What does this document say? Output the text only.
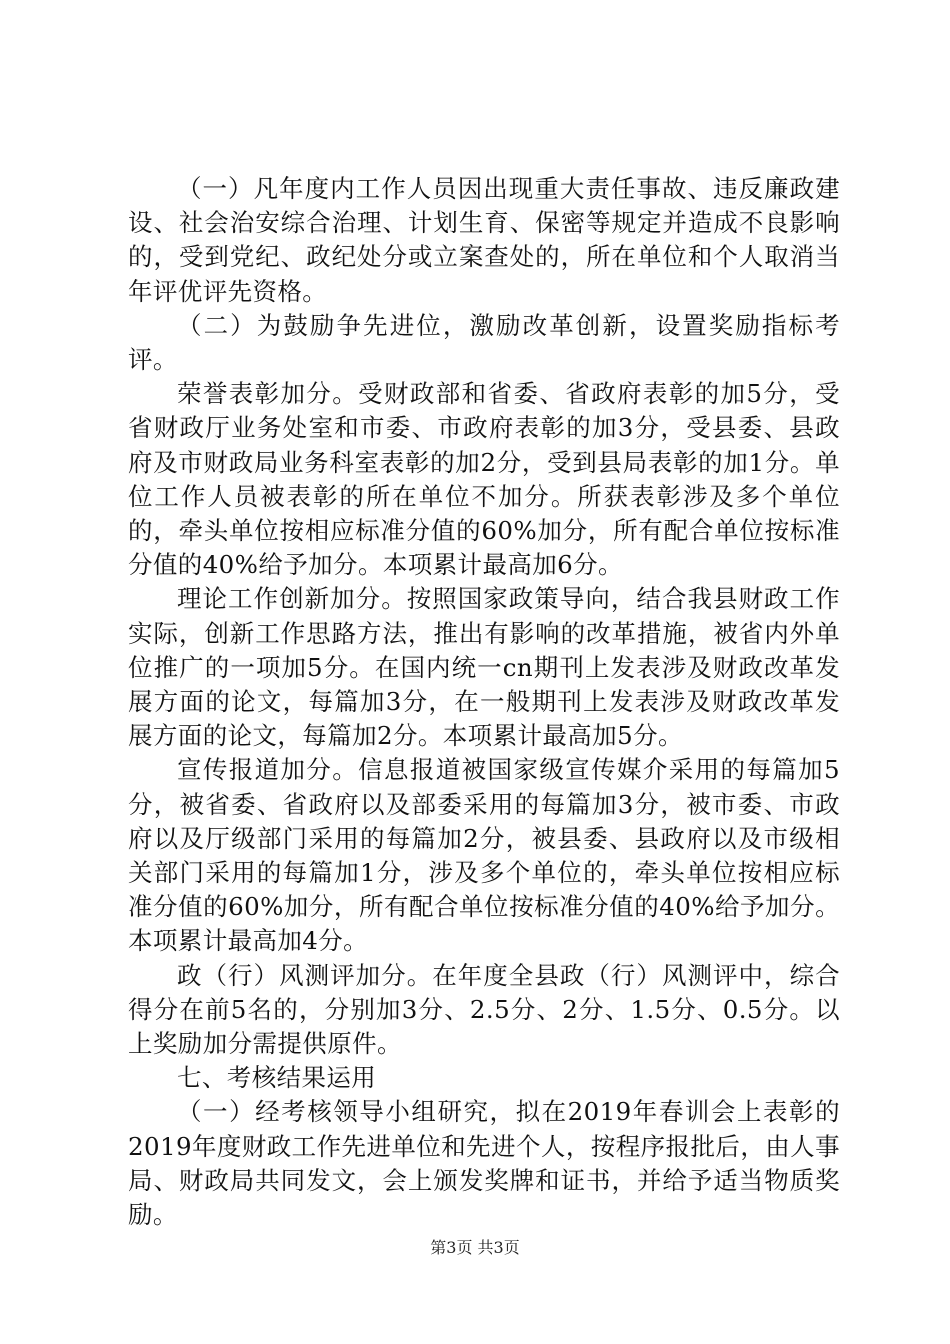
（一）凡年度内工作人员因出现重大责任事故、违反廉政建设、社会治安综合治理、计划生育、保密等规定并造成不良影响的，受到党纪、政纪处分或立案查处的，所在单位和个人取消当年评优评先资格。

（二）为鼓励争先进位，激励改革创新，设置奖励指标考评。

荣誉表彰加分。受财政部和省委、省政府表彰的加5分，受省财政厅业务处室和市委、市政府表彰的加3分，受县委、县政府及市财政局业务科室表彰的加2分，受到县局表彰的加1分。单位工作人员被表彰的所在单位不加分。所获表彰涉及多个单位的，牵头单位按相应标准分值的60%加分，所有配合单位按标准分值的40%给予加分。本项累计最高加6分。

理论工作创新加分。按照国家政策导向，结合我县财政工作实际，创新工作思路方法，推出有影响的改革措施，被省内外单位推广的一项加5分。在国内统一cn期刊上发表涉及财政改革发展方面的论文，每篇加3分，在一般期刊上发表涉及财政改革发展方面的论文，每篇加2分。本项累计最高加5分。

宣传报道加分。信息报道被国家级宣传媒介采用的每篇加5分，被省委、省政府以及部委采用的每篇加3分，被市委、市政府以及厅级部门采用的每篇加2分，被县委、县政府以及市级相关部门采用的每篇加1分，涉及多个单位的，牵头单位按相应标准分值的60%加分，所有配合单位按标准分值的40%给予加分。本项累计最高加4分。

政（行）风测评加分。在年度全县政（行）风测评中，综合得分在前5名的，分别加3分、2.5分、2分、1.5分、0.5分。以上奖励加分需提供原件。

七、考核结果运用

（一）经考核领导小组研究，拟在2019年春训会上表彰的2019年度财政工作先进单位和先进个人，按程序报批后，由人事局、财政局共同发文，会上颁发奖牌和证书，并给予适当物质奖励。

第3页 共3页
